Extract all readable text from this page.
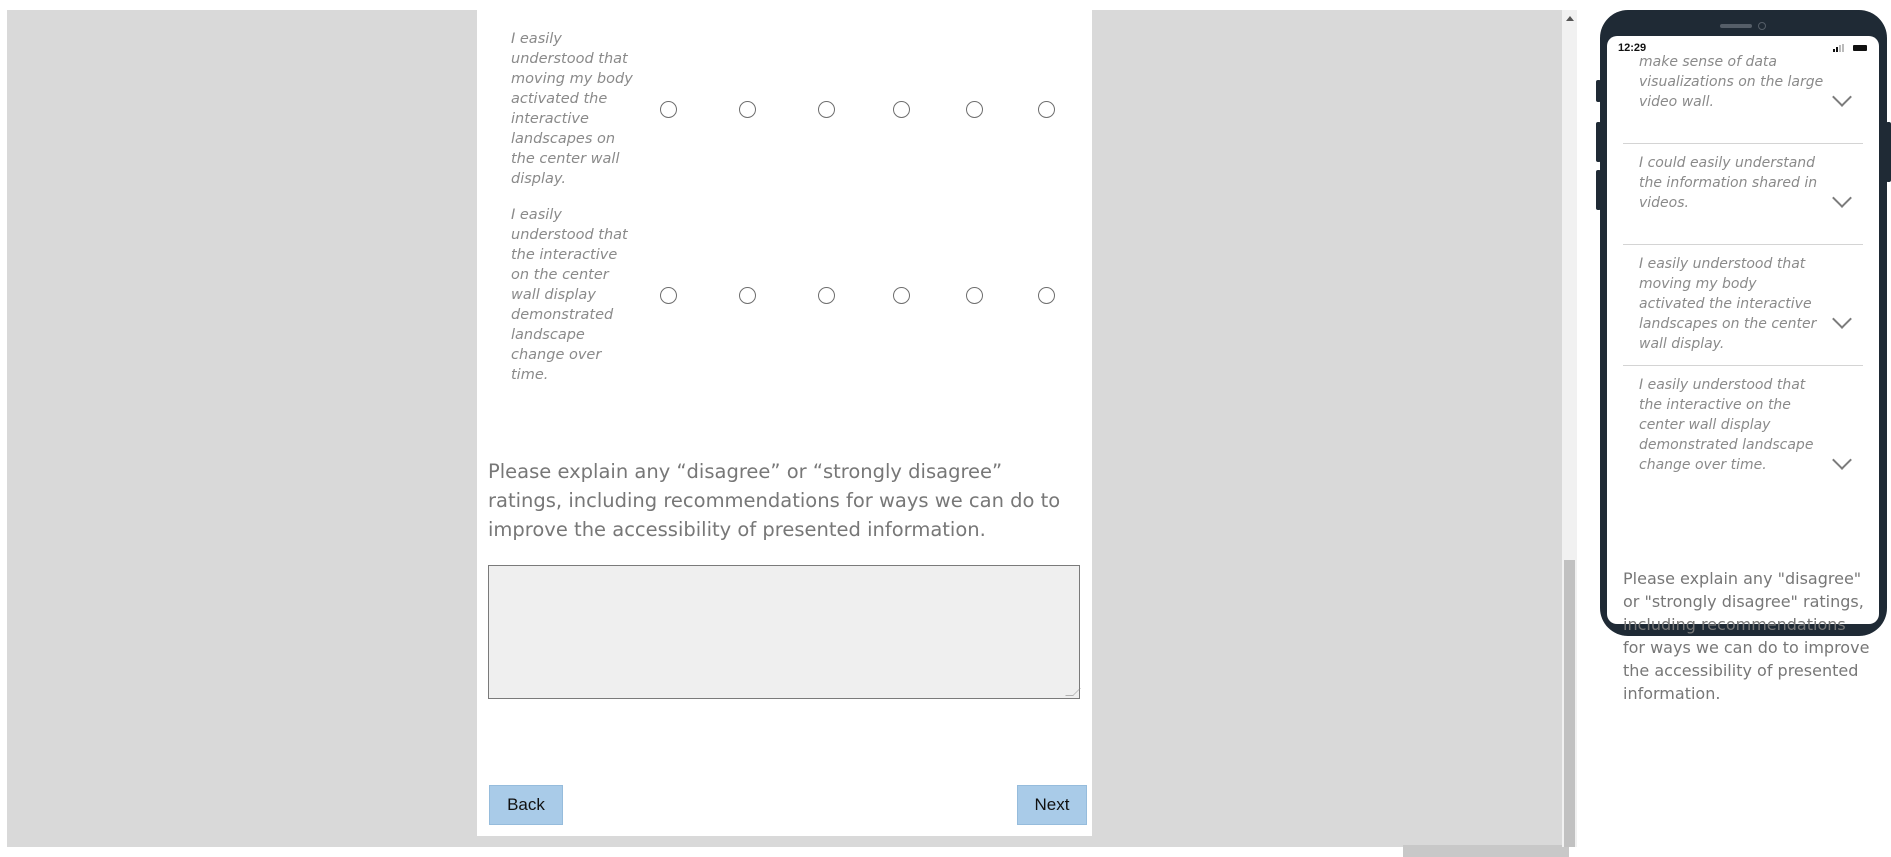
I easily understood that moving my body activated the interactive landscapes on the center wall display.
I easily understood that the interactive on the center wall display demonstrated landscape change over time.
Please explain any “disagree” or “strongly disagree” ratings, including recommendations for ways we can do to improve the accessibility of presented information.
Back	Next
12:29
make sense of data visualizations on the large video wall.
I could easily understand the information shared in videos.
I easily understood that moving my body activated the interactive landscapes on the center wall display.
I easily understood that the interactive on the center wall display demonstrated landscape change over time.
Please explain any "disagree" or "strongly disagree" ratings, including recommendations for ways we can do to improve the accessibility of presented information.
